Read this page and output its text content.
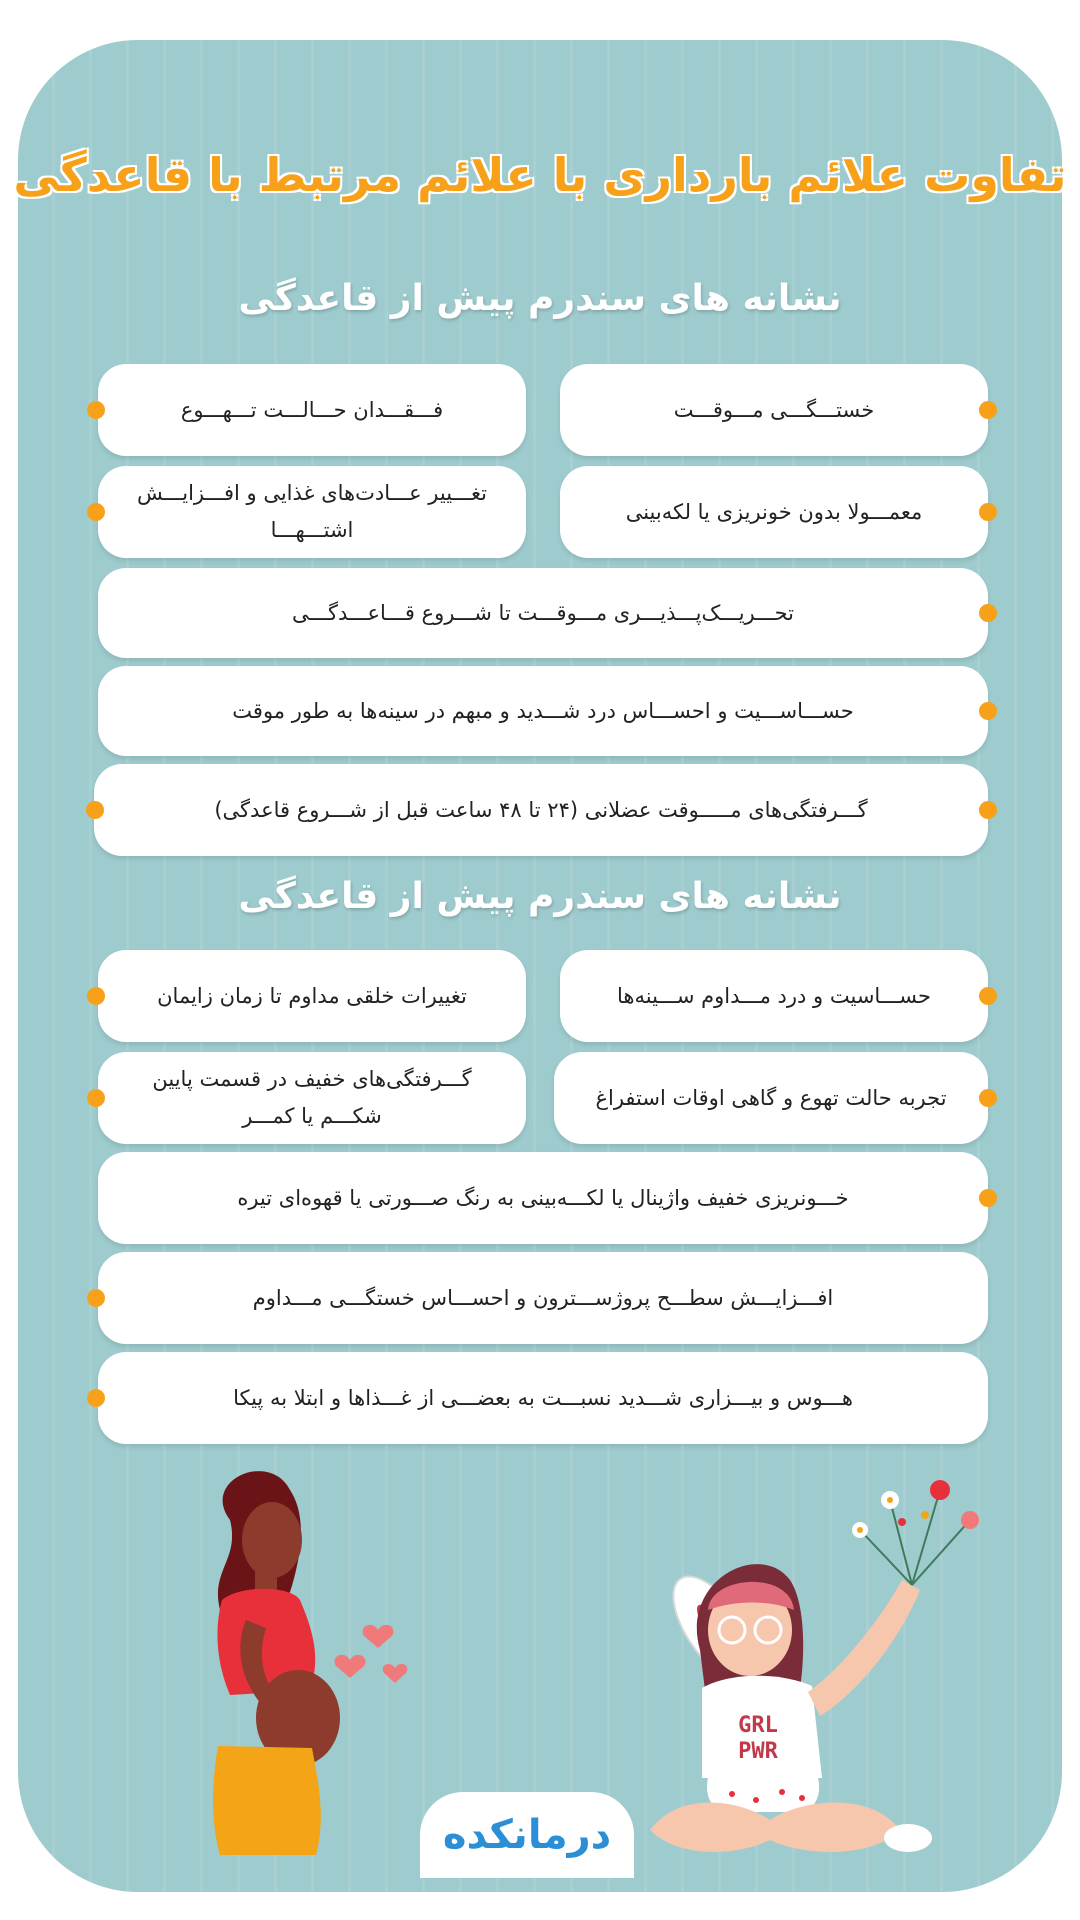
تفاوت علائم بارداری با علائم مرتبط با قاعدگی
نشانه های سندرم پیش از قاعدگی
خستـــگـــی مـــوقـــت
فـــقـــدان حـــالـــت تـــهـــوع
معمـــولا بدون خونریزی یا لکه‌بینی
تغـــییر عـــادت‌های غذایی و افـــزایـــش اشتـــهـــا
تحـــریـــک‌پـــذیـــری مـــوقـــت تا شـــروع قـــاعـــدگـــی
حســـاســـیت و احســـاس درد شـــدید و مبهم در سینه‌ها به طور موقت
گـــرفتگی‌های مـــــوقت عضلانی (۲۴ تا ۴۸ ساعت قبل از شـــروع قاعدگی)
نشانه های سندرم پیش از قاعدگی
حســـاسیت و درد مـــداوم ســـینه‌ها
تغییرات خلقی مداوم تا زمان زایمان
تجربه حالت تهوع و گاهی اوقات استفراغ
گـــرفتگی‌های خفیف در قسمت پایین شکـــم یا کمـــر
خـــونریزی خفیف واژینال یا لکـــه‌بینی به رنگ صـــورتی یا قهوه‌ای تیره
افـــزایـــش سطـــح پروژســـترون و احســـاس خستگـــی مـــداوم
هـــوس و بیـــزاری شـــدید نسبـــت به بعضـــی از غـــذاها و ابتلا به پیکا
GRL
PWR
درمانکده
